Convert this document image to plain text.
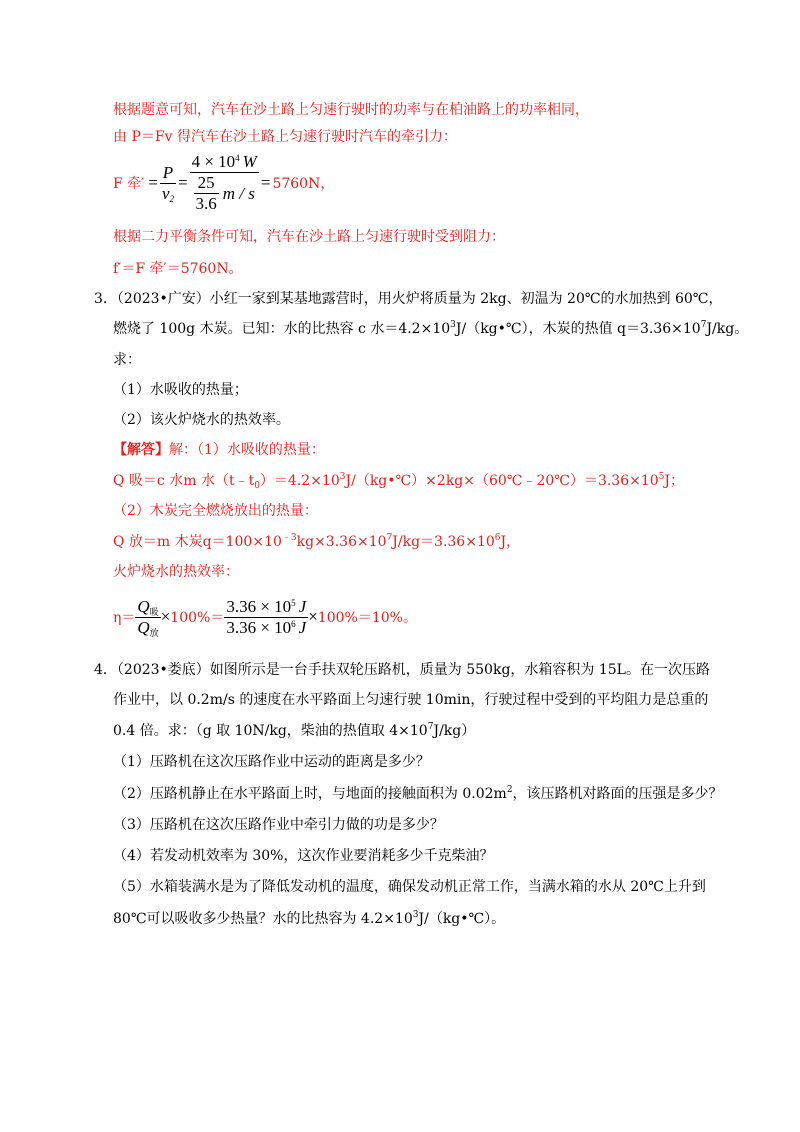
根据题意可知，汽车在沙土路上匀速行驶时的功率与在柏油路上的功率相同，
由 P＝Fv 得汽车在沙土路上匀速行驶时汽车的牵引力：
F 牵′ = $\frac{P}{v_2} = \frac{4 \times 10^4 W}{\frac{25}{3.6} m / s} = 5760N$，
根据二力平衡条件可知，汽车在沙土路上匀速行驶时受到阻力：
f′＝F 牵′＝5760N。
3．（2023•广安）小红一家到某基地露营时，用火炉将质量为 2kg、初温为 20℃的水加热到 60℃，
燃烧了 100g 木炭。已知：水的比热容 c 水$=4.2\times 10^3J/(kg•℃)$，木炭的热值 $q=3.36\times 10^7J/kg$。
求：
（1）水吸收的热量；
（2）该火炉烧水的热效率。
【解答】解：（1）水吸收的热量：
Q 吸＝c 水m 水$(t﹣t_0)=4.2\times 10^3J/(kg•℃)\times 2kg\times(60℃﹣20℃)=3.36\times 10^5J$；
（2）木炭完全燃烧放出的热量：
Q 放＝m 木炭$q=100\times 10^{﹣3}kg\times 3.36\times 10^7J/kg=3.36\times 10^6J$，
火炉烧水的热效率：
$\eta= \frac{Q_吸}{Q_放} \times 100\%= \frac{3.36 \times 10^5 J}{3.36 \times 10^6 J} \times 100\%=10\%$。
4．（2023•娄底）如图所示是一台手扶双轮压路机，质量为 550kg，水箱容积为 15L。在一次压路
作业中，以 0.2m/s 的速度在水平路面上匀速行驶 10min，行驶过程中受到的平均阻力是总重的
0.4 倍。求：（g 取 10N/kg，柴油的热值取 $4\times 10^7J/kg$）
（1）压路机在这次压路作业中运动的距离是多少？
（2）压路机静止在水平路面上时，与地面的接触面积为 $0.02m^2$，该压路机对路面的压强是多少？
（3）压路机在这次压路作业中牵引力做的功是多少？
（4）若发动机效率为 30%，这次作业要消耗多少千克柴油？
（5）水箱装满水是为了降低发动机的温度，确保发动机正常工作，当满水箱的水从 20℃上升到
80℃可以吸收多少热量？水的比热容为 $4.2\times 10^3J/(kg•℃)$。
